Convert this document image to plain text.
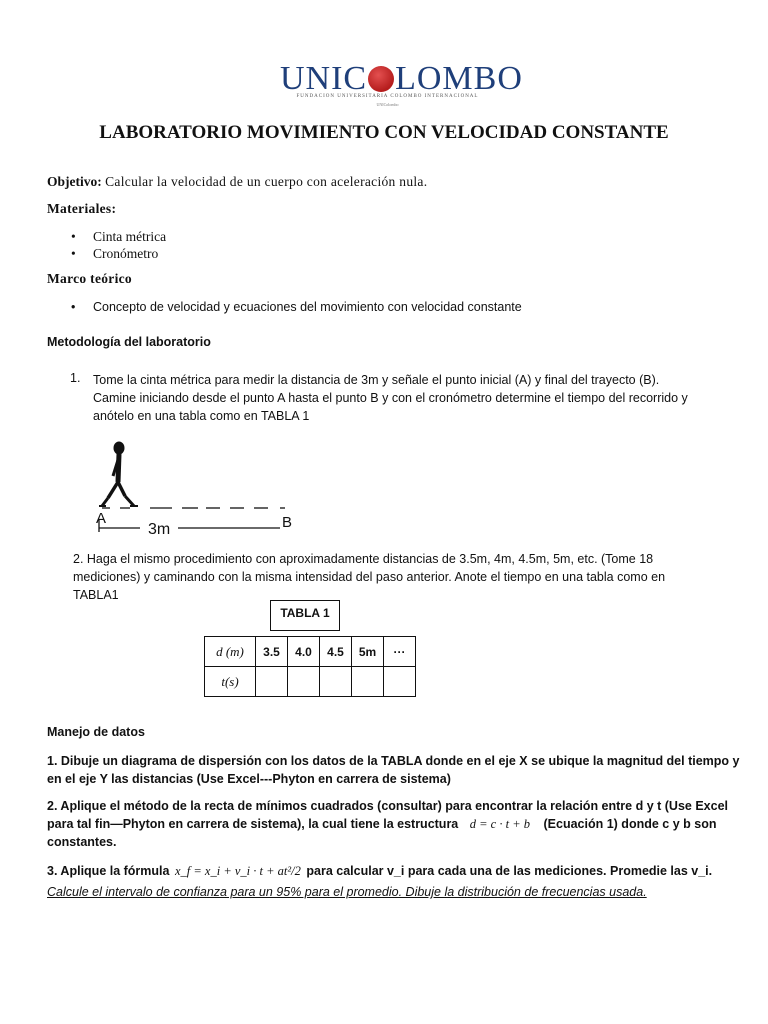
UNIC LOMBO
FUNDACION UNIVERSITARIA COLOMBO INTERNACIONAL
UNIColombo
LABORATORIO MOVIMIENTO CON VELOCIDAD CONSTANTE
Objetivo: Calcular la velocidad de un cuerpo con aceleración nula.
Materiales:
• Cinta métrica
• Cronómetro
Marco teórico
• Concepto de velocidad y ecuaciones del movimiento con velocidad constante
Metodología del laboratorio
1. Tome la cinta métrica para medir la distancia de 3m y señale el punto inicial (A) y final del trayecto (B).
Camine iniciando desde el punto A hasta el punto B y con el cronómetro determine el tiempo del recorrido y
anótelo en una tabla como en TABLA 1
A	B
3m
2. Haga el mismo procedimiento con aproximadamente distancias de 3.5m, 4m, 4.5m, 5m, etc. (Tome 18
mediciones) y caminando con la misma intensidad del paso anterior. Anote el tiempo en una tabla como en
TABLA1
TABLA 1
d (m)	3.5	4.0	4.5	5m	···
t(s)					
Manejo de datos
1. Dibuje un diagrama de dispersión con los datos de la TABLA donde en el eje X se ubique la magnitud del tiempo y
en el eje Y las distancias (Use Excel---Phyton en carrera de sistema)
2. Aplique el método de la recta de mínimos cuadrados (consultar) para encontrar la relación entre d y t (Use Excel
para tal fin—Phyton en carrera de sistema), la cual tiene la estructura d = c · t + b (Ecuación 1) donde c y b son
constantes.
3. Aplique la fórmula x_f = x_i + v_i · t + at²/2 para calcular v_i para cada una de las mediciones. Promedie las v_i.
Calcule el intervalo de confianza para un 95% para el promedio. Dibuje la distribución de frecuencias usada.
